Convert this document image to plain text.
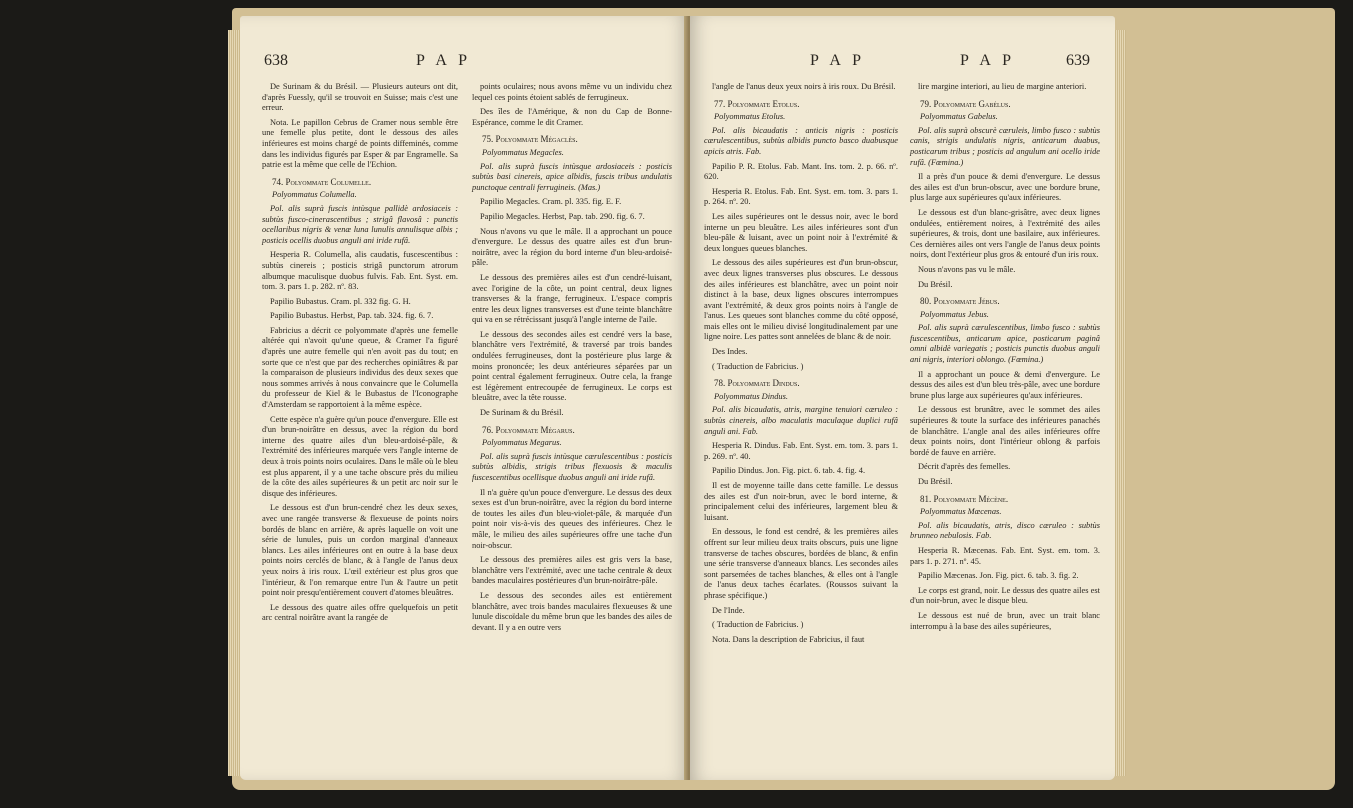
638	P A P

De Surinam & du Brésil. — Plusieurs auteurs ont dit, d'après Fuessly, qu'il se trouvoit en Suisse; mais c'est une erreur.

Nota. Le papillon Cebrus de Cramer nous semble être une femelle plus petite, dont le dessous des ailes inférieures est moins chargé de points diffeminés, comme dans les individus figurés par Esper & par Engramelle. Sa patrie est la même que celle de l'Echion.

74. Polyommate Columelle.

Polyommatus Columella.

Pol. alis suprà fuscis intùsque pallidè ardosiaceis : subtùs fusco-cinerascentibus ; strigâ flavosâ : punctis ocellaribus nigris & venæ luna lunulis annulisque albis ; posticis ocellis duobus anguli ani iride rufâ.

Hesperia R. Columella, alis caudatis, fuscescentibus : subtùs cinereis ; posticis strigâ punctorum atrorum albumque maculisque duobus fulvis. Fab. Ent. Syst. em. tom. 3. pars 1. p. 282. nº. 83.

Papilio Bubastus. Cram. pl. 332 fig. G. H.

Papilio Bubastus. Herbst, Pap. tab. 324. fig. 6. 7.

Fabricius a décrit ce polyommate d'après une femelle altérée qui n'avoit qu'une queue, & Cramer l'a figuré d'après une autre femelle qui n'en avoit pas du tout; en sorte que ce n'est que par des recherches opiniâtres & par la comparaison de plusieurs individus des deux sexes que nous sommes arrivés à nous convaincre que le Columella du professeur de Kiel & le Bubastus de l'Iconographe d'Amsterdam se rapportoient à la même espèce.

Cette espèce n'a guère qu'un pouce d'envergure. Elle est d'un brun-noirâtre en dessus, avec la région du bord interne des quatre ailes d'un bleu-ardoisé-pâle, & l'extrémité des inférieures marquée vers l'angle interne de deux à trois points noirs oculaires. Dans le mâle où le bleu est plus apparent, il y a une tache obscure près du milieu de la côte des ailes supérieures & un petit arc noir sur le disque des inférieures.

Le dessous est d'un brun-cendré chez les deux sexes, avec une rangée transverse & flexueuse de points noirs bordés de blanc en arrière, & après laquelle on voit une série de lunules, puis un cordon marginal d'anneaux blancs. Les ailes inférieures ont en outre à la base deux points noirs cerclés de blanc, & à l'angle de l'anus deux yeux noirs à iris roux. L'œil extérieur est plus gros que l'intérieur, & l'on remarque entre l'un & l'autre un petit point noir presqu'entièrement couvert d'atomes bleuâtres.

Le dessous des quatre ailes offre quelquefois un petit arc central noirâtre avant la rangée de

points oculaires; nous avons même vu un individu chez lequel ces points étoient sablés de ferrugineux.

Des îles de l'Amérique, & non du Cap de Bonne-Espérance, comme le dit Cramer.

75. Polyommate Mégaclès.

Polyommatus Megacles.

Pol. alis suprà fuscis intùsque ardosiaceis : posticis subtùs basi cinereis, apice albidis, fuscis tribus undulatis punctoque centrali ferrugineis. (Mas.)

Papilio Megacles. Cram. pl. 335. fig. E. F.

Papilio Megacles. Herbst, Pap. tab. 290. fig. 6. 7.

Nous n'avons vu que le mâle. Il a approchant un pouce d'envergure. Le dessus des quatre ailes est d'un brun-noirâtre, avec la région du bord interne d'un bleu-ardoisé-pâle.

Le dessous des premières ailes est d'un cendré-luisant, avec l'origine de la côte, un point central, deux lignes transverses & la frange, ferrugineux. L'espace compris entre les deux lignes transverses est d'une teinte blanchâtre qui va en se rétrécissant jusqu'à l'angle interne de l'aile.

Le dessous des secondes ailes est cendré vers la base, blanchâtre vers l'extrémité, & traversé par trois bandes ondulées ferrugineuses, dont la postérieure plus large & moins prononcée; les deux antérieures séparées par un point central également ferrugineux. Outre cela, la frange est légèrement entrecoupée de ferrugineux. Le corps est bleuâtre, avec la tête rousse.

De Surinam & du Brésil.

76. Polyommate Mégarus.

Polyommatus Megarus.

Pol. alis suprà fuscis intùsque cærulescentibus : posticis subtùs albidis, strigis tribus flexuosis & maculis fuscescentibus ocellisque duobus anguli ani iride rufâ.

Il n'a guère qu'un pouce d'envergure. Le dessus des deux sexes est d'un brun-noirâtre, avec la région du bord interne de toutes les ailes d'un bleu-violet-pâle, & marquée d'un point noir vis-à-vis des queues des inférieures. Chez le mâle, le milieu des ailes supérieures offre une tache d'un noir-obscur.

Le dessous des premières ailes est gris vers la base, blanchâtre vers l'extrémité, avec une tache centrale & deux bandes maculaires postérieures d'un brun-noirâtre-pâle.

Le dessous des secondes ailes est entièrement blanchâtre, avec trois bandes maculaires flexueuses & une lunule discoïdale du même brun que les bandes des ailes de devant. Il y a en outre vers

P A P	P A P	639

l'angle de l'anus deux yeux noirs à iris roux. Du Brésil.

77. Polyommate Etolus.

Polyommatus Etolus.

Pol. alis bicaudatis : anticis nigris : posticis cærulescentibus, subtùs albidis puncto basco duabusque apicis atris. Fab.

Papilio P. R. Etolus. Fab. Mant. Ins. tom. 2. p. 66. nº. 620.

Hesperia R. Etolus. Fab. Ent. Syst. em. tom. 3. pars 1. p. 264. nº. 20.

Les ailes supérieures ont le dessus noir, avec le bord interne un peu bleuâtre. Les ailes inférieures sont d'un bleu-pâle & luisant, avec un point noir à l'extrémité & deux longues queues blanches.

Le dessous des ailes supérieures est d'un brun-obscur, avec deux lignes transverses plus obscures. Le dessous des ailes inférieures est blanchâtre, avec un point noir distinct à la base, deux lignes obscures interrompues avant l'extrémité, & deux gros points noirs à l'angle de l'anus. Les queues sont blanches comme du côté opposé, mais elles ont le milieu divisé longitudinalement par une ligne noire. Les pattes sont annelées de blanc & de noir.

Des Indes.

( Traduction de Fabricius. )

78. Polyommate Dindus.

Polyommatus Dindus.

Pol. alis bicaudatis, atris, margine tenuiori cæruleo : subtùs cinereis, albo maculatis maculaque duplici rufâ anguli ani. Fab.

Hesperia R. Dindus. Fab. Ent. Syst. em. tom. 3. pars 1. p. 269. nº. 40.

Papilio Dindus. Jon. Fig. pict. 6. tab. 4. fig. 4.

Il est de moyenne taille dans cette famille. Le dessus des ailes est d'un noir-brun, avec le bord interne, & principalement celui des inférieures, largement bleu & luisant.

En dessous, le fond est cendré, & les premières ailes offrent sur leur milieu deux traits obscurs, puis une ligne transverse de taches obscures, bordées de blanc, & enfin une série transverse d'anneaux blancs. Les secondes ailes sont parsemées de taches blanches, & elles ont à l'angle de l'anus deux taches écarlates. (Roussos suivant la phrase spécifique.)

De l'Inde.

( Traduction de Fabricius. )

Nota. Dans la description de Fabricius, il faut

lire margine interiori, au lieu de margine anteriori.

79. Polyommate Gabélus.

Polyommatus Gabelus.

Pol. alis suprà obscurè cæruleis, limbo fusco : subtùs canis, strigis undulatis nigris, anticarum duabus, posticarum tribus ; posticis ad angulum ani ocello iride rufâ. (Fœmina.)

Il a près d'un pouce & demi d'envergure. Le dessus des ailes est d'un brun-obscur, avec une bordure brune, plus large aux supérieures qu'aux inférieures.

Le dessous est d'un blanc-grisâtre, avec deux lignes ondulées, entièrement noires, à l'extrémité des ailes supérieures, & trois, dont une basilaire, aux inférieures. Ces dernières ailes ont vers l'angle de l'anus deux points noirs, dont l'extérieur plus gros & entouré d'un iris roux.

Nous n'avons pas vu le mâle.

Du Brésil.

80. Polyommate Jébus.

Polyommatus Jebus.

Pol. alis suprà cærulescentibus, limbo fusco : subtùs fuscescentibus, anticarum apice, posticarum paginâ omni albidè variegatis ; posticis punctis duobus anguli ani nigris, interiori oblongo. (Fœmina.)

Il a approchant un pouce & demi d'envergure. Le dessus des ailes est d'un bleu très-pâle, avec une bordure brune plus large aux supérieures qu'aux inférieures.

Le dessous est brunâtre, avec le sommet des ailes supérieures & toute la surface des inférieures panachés de blanchâtre. L'angle anal des ailes inférieures offre deux points noirs, dont l'intérieur oblong & parfois bordé de fauve en arrière.

Décrit d'après des femelles.

Du Brésil.

81. Polyommate Mécène.

Polyommatus Mæcenas.

Pol. alis bicaudatis, atris, disco cæruleo : subtùs brunneo nebulosis. Fab.

Hesperia R. Mæcenas. Fab. Ent. Syst. em. tom. 3. pars 1. p. 271. nº. 45.

Papilio Mæcenas. Jon. Fig. pict. 6. tab. 3. fig. 2.

Le corps est grand, noir. Le dessus des quatre ailes est d'un noir-brun, avec le disque bleu.

Le dessous est nué de brun, avec un trait blanc interrompu à la base des ailes supérieures,
